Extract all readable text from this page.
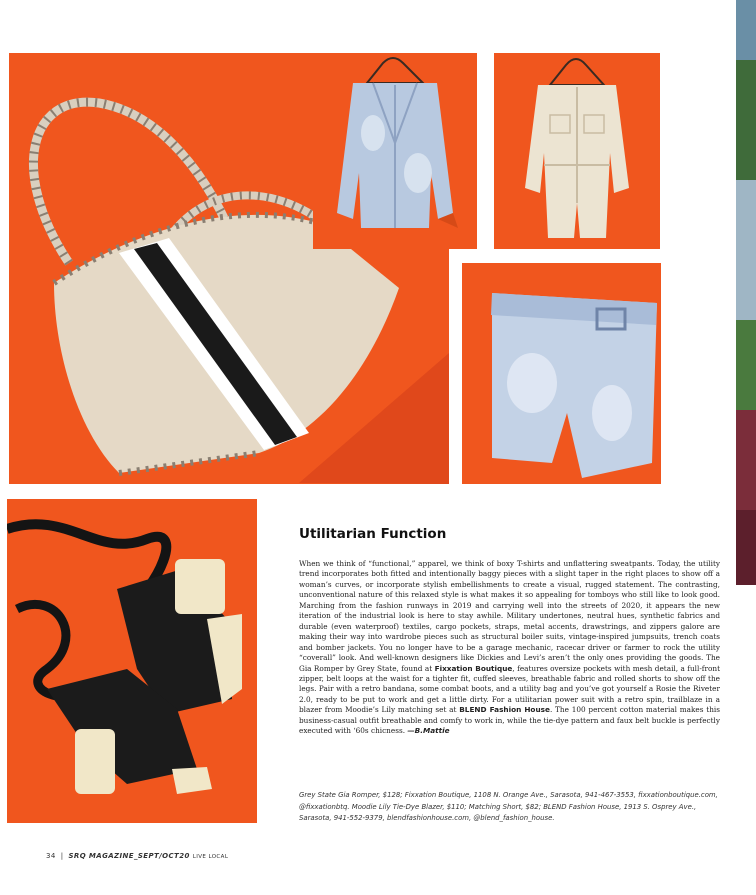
Utilitarian Function

When we think of “functional,” apparel, we think of boxy T-shirts and unflattering sweatpants. Today, the utility trend incorporates both fitted and intentionally baggy pieces with a slight taper in the right places to show off a woman’s curves, or incorporate stylish embellishments to create a visual, rugged statement. The contrasting, unconventional nature of this relaxed style is what makes it so appealing for tomboys who still like to look good. Marching from the fashion runways in 2019 and carrying well into the streets of 2020, it appears the new iteration of the industrial look is here to stay awhile. Military undertones, neutral hues, synthetic fabrics and durable (even waterproof) textiles, cargo pockets, straps, metal accents, drawstrings, and zippers galore are making their way into wardrobe pieces such as structural boiler suits, vintage-inspired jumpsuits, trench coats and bomber jackets. You no longer have to be a garage mechanic, racecar driver or farmer to rock the utility “coverall” look. And well-known designers like Dickies and Levi’s aren’t the only ones providing the goods. The Gia Romper by Grey State, found at Fixxation Boutique, features oversize pockets with mesh detail, a full-front zipper, belt loops at the waist for a tighter fit, cuffed sleeves, breathable fabric and rolled shorts to show off the legs. Pair with a retro bandana, some combat boots, and a utility bag and you’ve got yourself a Rosie the Riveter 2.0, ready to be put to work and get a little dirty. For a utilitarian power suit with a retro spin, trailblaze in a blazer from Moodie’s Lily matching set at BLEND Fashion House. The 100 percent cotton material makes this business-casual outfit breathable and comfy to work in, while the tie-dye pattern and faux belt buckle is perfectly executed with ‘60s chicness. —B.Mattie

Grey State Gia Romper, $128; Fixxation Boutique, 1108 N. Orange Ave., Sarasota, 941-467-3553, fixxationboutique.com, @fixxationbtq. Moodie Lily Tie-Dye Blazer, $110; Matching Short, $82; BLEND Fashion House, 1913 S. Osprey Ave., Sarasota, 941-552-9379, blendfashionhouse.com, @blend_fashion_house.

34 | SRQ MAGAZINE_SEPT/OCT20 LIVE LOCAL
